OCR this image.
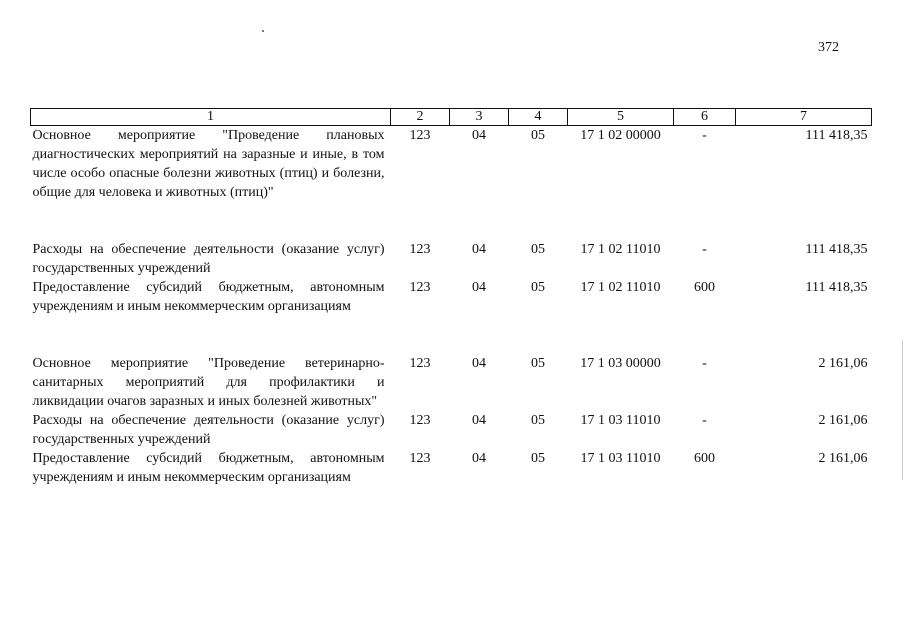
372
1	2	3	4	5	6	7
Основное мероприятие "Проведение плановых диагностических мероприятий на заразные и иные, в том числе особо опасные болезни животных (птиц) и болезни, общие для человека и животных (птиц)"	123	04	05	17 1 02 00000	-	111 418,35
Расходы на обеспечение деятельности (оказание услуг) государственных учреждений	123	04	05	17 1 02 11010	-	111 418,35
Предоставление субсидий бюджетным, автономным учреждениям и иным некоммерческим организациям	123	04	05	17 1 02 11010	600	111 418,35
Основное мероприятие "Проведение ветеринарно-санитарных мероприятий для профилактики и ликвидации очагов заразных и иных болезней животных"	123	04	05	17 1 03 00000	-	2 161,06
Расходы на обеспечение деятельности (оказание услуг) государственных учреждений	123	04	05	17 1 03 11010	-	2 161,06
Предоставление субсидий бюджетным, автономным учреждениям и иным некоммерческим организациям	123	04	05	17 1 03 11010	600	2 161,06
